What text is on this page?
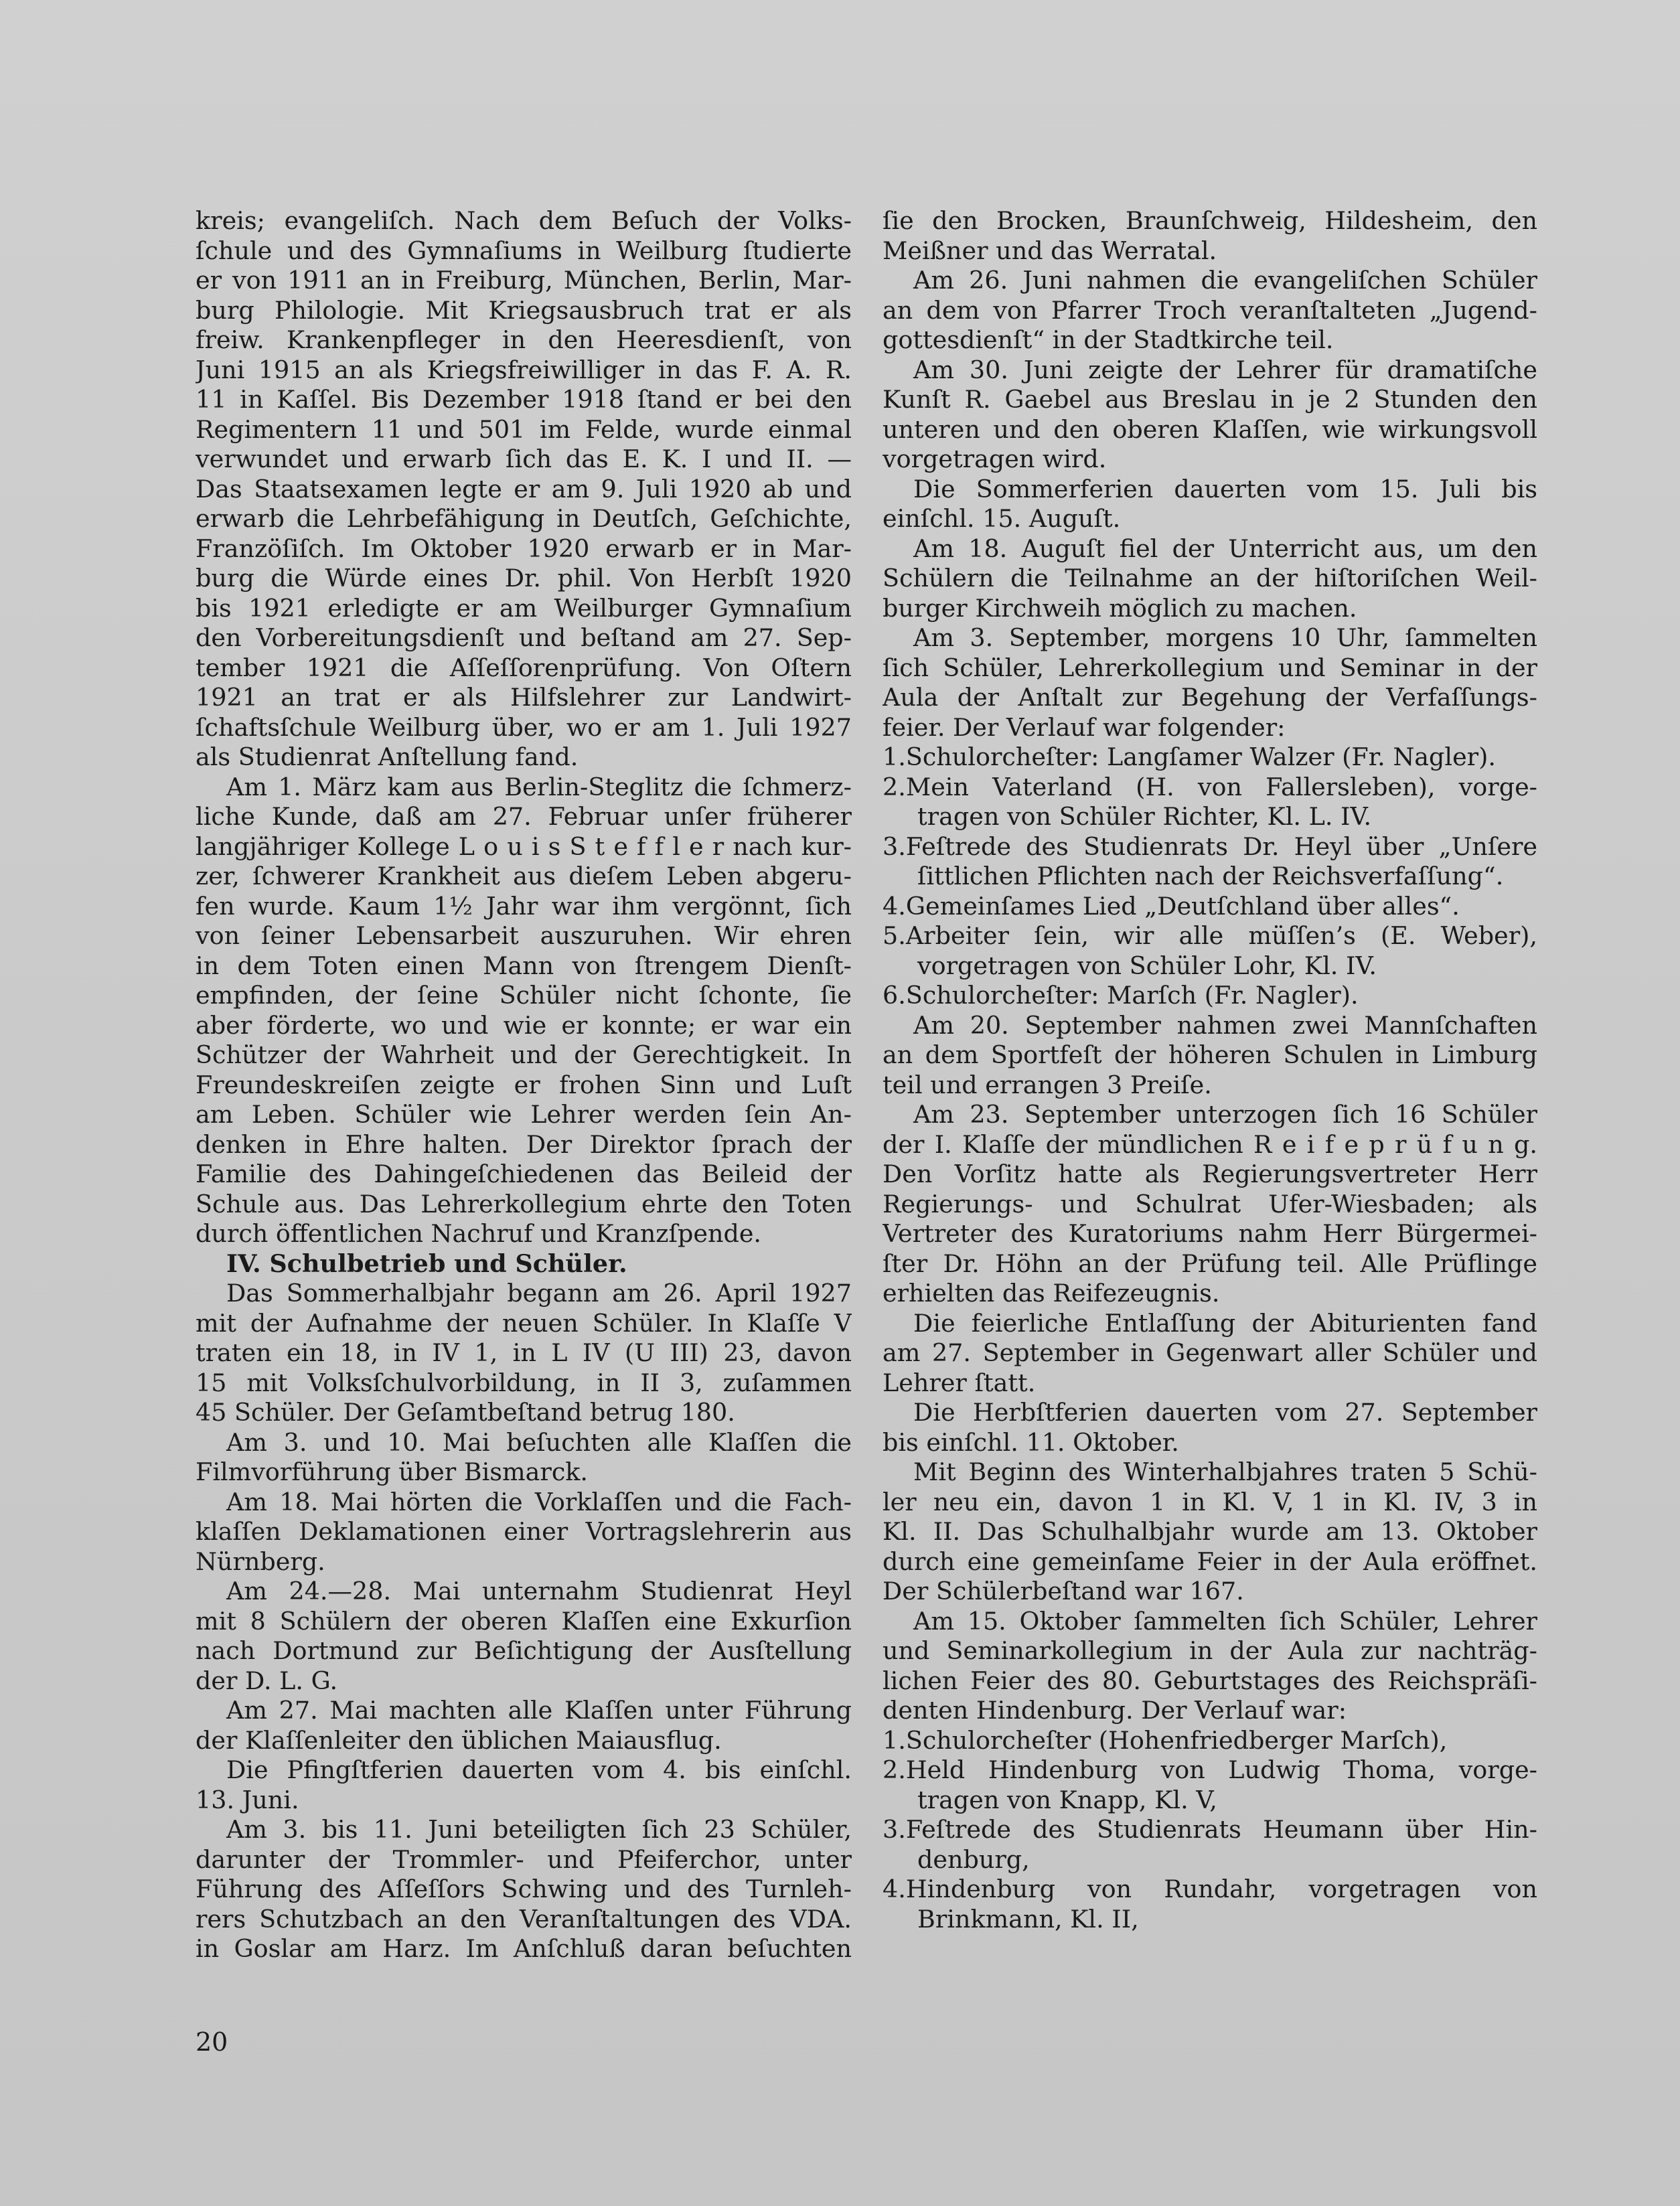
kreis; evangeliſch. Nach dem Beſuch der Volks-
ſchule und des Gymnaſiums in Weilburg ſtudierte
er von 1911 an in Freiburg, München, Berlin, Mar-
burg Philologie. Mit Kriegsausbruch trat er als
freiw. Krankenpfleger in den Heeresdienſt, von
Juni 1915 an als Kriegsfreiwilliger in das F. A. R.
11 in Kaſſel. Bis Dezember 1918 ſtand er bei den
Regimentern 11 und 501 im Felde, wurde einmal
verwundet und erwarb ſich das E. K. I und II. —
Das Staatsexamen legte er am 9. Juli 1920 ab und
erwarb die Lehrbefähigung in Deutſch, Geſchichte,
Franzöſiſch. Im Oktober 1920 erwarb er in Mar-
burg die Würde eines Dr. phil. Von Herbſt 1920
bis 1921 erledigte er am Weilburger Gymnaſium
den Vorbereitungsdienſt und beſtand am 27. Sep-
tember 1921 die Aſſeſſorenprüfung. Von Oſtern
1921 an trat er als Hilfslehrer zur Landwirt-
ſchaftsſchule Weilburg über, wo er am 1. Juli 1927
als Studienrat Anſtellung fand.
Am 1. März kam aus Berlin-Steglitz die ſchmerz-
liche Kunde, daß am 27. Februar unſer früherer
langjähriger Kollege L o u i s S t e f f l e r nach kur-
zer, ſchwerer Krankheit aus dieſem Leben abgeru-
fen wurde. Kaum 1½ Jahr war ihm vergönnt, ſich
von ſeiner Lebensarbeit auszuruhen. Wir ehren
in dem Toten einen Mann von ſtrengem Dienſt-
empfinden, der ſeine Schüler nicht ſchonte, ſie
aber förderte, wo und wie er konnte; er war ein
Schützer der Wahrheit und der Gerechtigkeit. In
Freundeskreiſen zeigte er frohen Sinn und Luſt
am Leben. Schüler wie Lehrer werden ſein An-
denken in Ehre halten. Der Direktor ſprach der
Familie des Dahingeſchiedenen das Beileid der
Schule aus. Das Lehrerkollegium ehrte den Toten
durch öffentlichen Nachruf und Kranzſpende.
IV. Schulbetrieb und Schüler.
Das Sommerhalbjahr begann am 26. April 1927
mit der Aufnahme der neuen Schüler. In Klaſſe V
traten ein 18, in IV 1, in L IV (U III) 23, davon
15 mit Volksſchulvorbildung, in II 3, zuſammen
45 Schüler. Der Geſamtbeſtand betrug 180.
Am 3. und 10. Mai beſuchten alle Klaſſen die
Filmvorführung über Bismarck.
Am 18. Mai hörten die Vorklaſſen und die Fach-
klaſſen Deklamationen einer Vortragslehrerin aus
Nürnberg.
Am 24.—28. Mai unternahm Studienrat Heyl
mit 8 Schülern der oberen Klaſſen eine Exkurſion
nach Dortmund zur Beſichtigung der Ausſtellung
der D. L. G.
Am 27. Mai machten alle Klaſſen unter Führung
der Klaſſenleiter den üblichen Maiausflug.
Die Pfingſtferien dauerten vom 4. bis einſchl.
13. Juni.
Am 3. bis 11. Juni beteiligten ſich 23 Schüler,
darunter der Trommler- und Pfeiferchor, unter
Führung des Aſſeſſors Schwing und des Turnleh-
rers Schutzbach an den Veranſtaltungen des VDA.
in Goslar am Harz. Im Anſchluß daran beſuchten
ſie den Brocken, Braunſchweig, Hildesheim, den
Meißner und das Werratal.
Am 26. Juni nahmen die evangeliſchen Schüler
an dem von Pfarrer Troch veranſtalteten „Jugend-
gottesdienſt“ in der Stadtkirche teil.
Am 30. Juni zeigte der Lehrer für dramatiſche
Kunſt R. Gaebel aus Breslau in je 2 Stunden den
unteren und den oberen Klaſſen, wie wirkungsvoll
vorgetragen wird.
Die Sommerferien dauerten vom 15. Juli bis
einſchl. 15. Auguſt.
Am 18. Auguſt fiel der Unterricht aus, um den
Schülern die Teilnahme an der hiſtoriſchen Weil-
burger Kirchweih möglich zu machen.
Am 3. September, morgens 10 Uhr, ſammelten
ſich Schüler, Lehrerkollegium und Seminar in der
Aula der Anſtalt zur Begehung der Verfaſſungs-
feier. Der Verlauf war folgender:
1.Schulorcheſter: Langſamer Walzer (Fr. Nagler).
2.Mein Vaterland (H. von Fallersleben), vorge-
tragen von Schüler Richter, Kl. L. IV.
3.Feſtrede des Studienrats Dr. Heyl über „Unſere
ſittlichen Pflichten nach der Reichsverfaſſung“.
4.Gemeinſames Lied „Deutſchland über alles“.
5.Arbeiter ſein, wir alle müſſen’s (E. Weber),
vorgetragen von Schüler Lohr, Kl. IV.
6.Schulorcheſter: Marſch (Fr. Nagler).
Am 20. September nahmen zwei Mannſchaften
an dem Sportfeſt der höheren Schulen in Limburg
teil und errangen 3 Preiſe.
Am 23. September unterzogen ſich 16 Schüler
der I. Klaſſe der mündlichen R e i f e p r ü f u n g.
Den Vorſitz hatte als Regierungsvertreter Herr
Regierungs- und Schulrat Ufer-Wiesbaden; als
Vertreter des Kuratoriums nahm Herr Bürgermei-
ſter Dr. Höhn an der Prüfung teil. Alle Prüflinge
erhielten das Reifezeugnis.
Die feierliche Entlaſſung der Abiturienten fand
am 27. September in Gegenwart aller Schüler und
Lehrer ſtatt.
Die Herbſtferien dauerten vom 27. September
bis einſchl. 11. Oktober.
Mit Beginn des Winterhalbjahres traten 5 Schü-
ler neu ein, davon 1 in Kl. V, 1 in Kl. IV, 3 in
Kl. II. Das Schulhalbjahr wurde am 13. Oktober
durch eine gemeinſame Feier in der Aula eröffnet.
Der Schülerbeſtand war 167.
Am 15. Oktober ſammelten ſich Schüler, Lehrer
und Seminarkollegium in der Aula zur nachträg-
lichen Feier des 80. Geburtstages des Reichspräſi-
denten Hindenburg. Der Verlauf war:
1.Schulorcheſter (Hohenfriedberger Marſch),
2.Held Hindenburg von Ludwig Thoma, vorge-
tragen von Knapp, Kl. V,
3.Feſtrede des Studienrats Heumann über Hin-
denburg,
4.Hindenburg von Rundahr, vorgetragen von
Brinkmann, Kl. II,
20
